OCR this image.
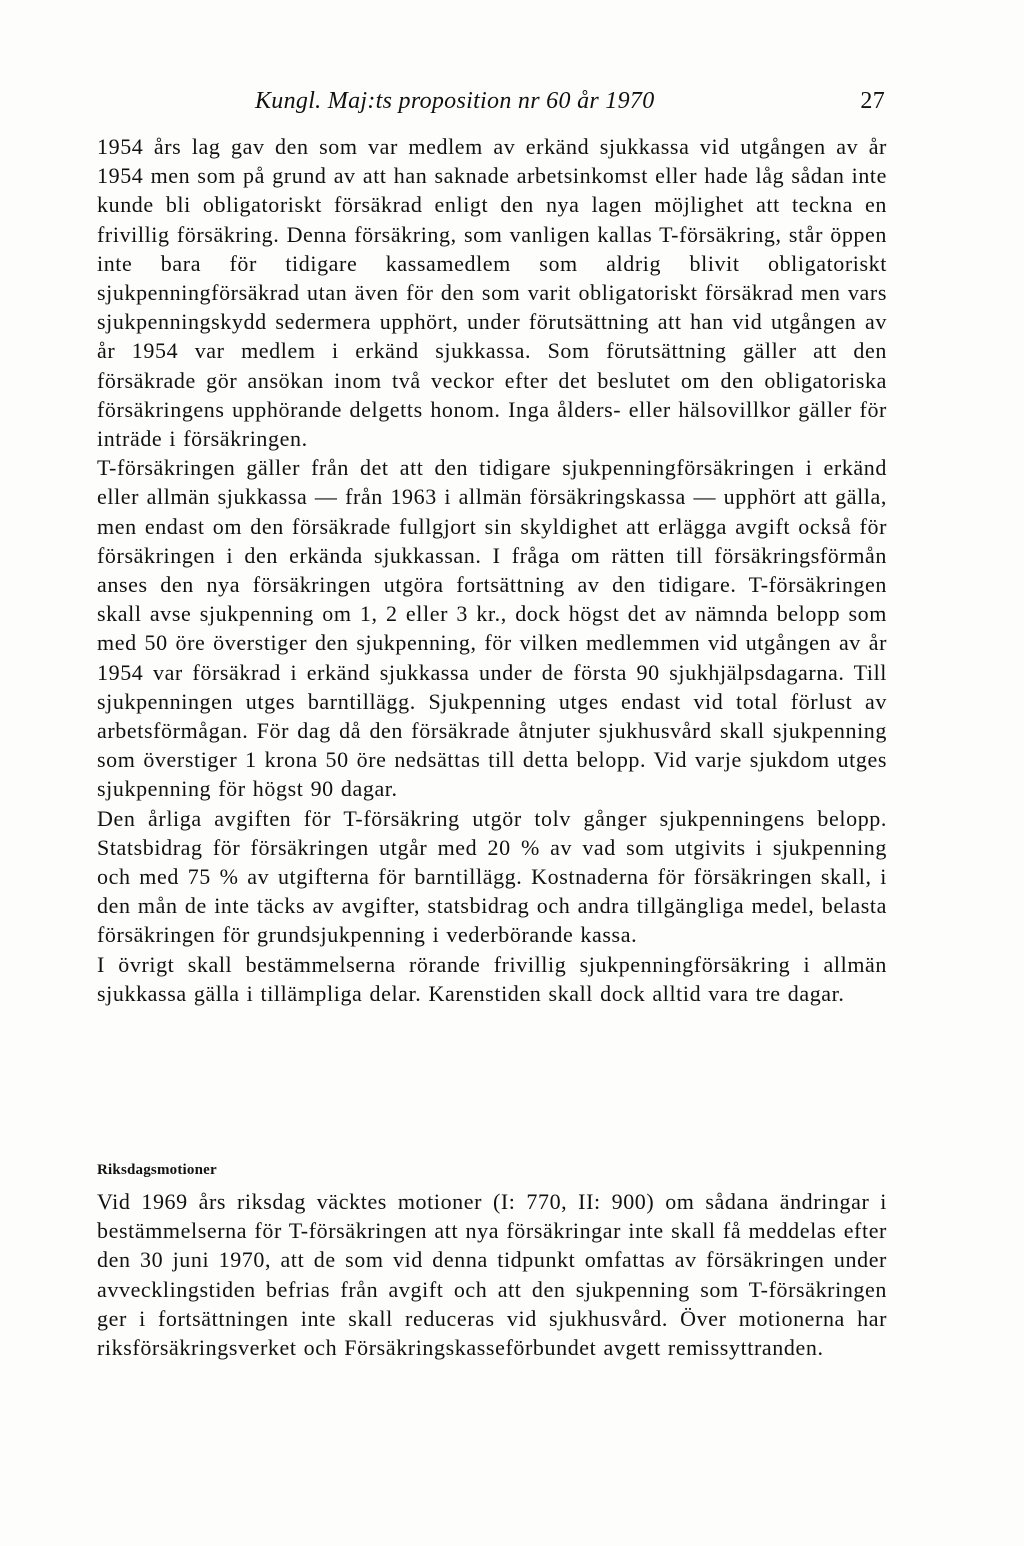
Kungl. Maj:ts proposition nr 60 år 1970	27

1954 års lag gav den som var medlem av erkänd sjukkassa vid utgången av år 1954 men som på grund av att han saknade arbetsinkomst eller hade låg sådan inte kunde bli obligatoriskt försäkrad enligt den nya lagen möjlighet att teckna en frivillig försäkring. Denna försäkring, som vanligen kallas T-försäkring, står öppen inte bara för tidigare kassamedlem som aldrig blivit obligatoriskt sjukpenningförsäkrad utan även för den som varit obligatoriskt försäkrad men vars sjukpenningskydd sedermera upphört, under förutsättning att han vid utgången av år 1954 var medlem i erkänd sjukkassa. Som förutsättning gäller att den försäkrade gör ansökan inom två veckor efter det beslutet om den obligatoriska försäkringens upphörande delgetts honom. Inga ålders- eller hälsovillkor gäller för inträde i försäkringen.

T-försäkringen gäller från det att den tidigare sjukpenningförsäkringen i erkänd eller allmän sjukkassa — från 1963 i allmän försäkringskassa — upphört att gälla, men endast om den försäkrade fullgjort sin skyldighet att erlägga avgift också för försäkringen i den erkända sjukkassan. I fråga om rätten till försäkringsförmån anses den nya försäkringen utgöra fortsättning av den tidigare. T-försäkringen skall avse sjukpenning om 1, 2 eller 3 kr., dock högst det av nämnda belopp som med 50 öre överstiger den sjukpenning, för vilken medlemmen vid utgången av år 1954 var försäkrad i erkänd sjukkassa under de första 90 sjukhjälpsdagarna. Till sjukpenningen utges barntillägg. Sjukpenning utges endast vid total förlust av arbetsförmågan. För dag då den försäkrade åtnjuter sjukhusvård skall sjukpenning som överstiger 1 krona 50 öre nedsättas till detta belopp. Vid varje sjukdom utges sjukpenning för högst 90 dagar.

Den årliga avgiften för T-försäkring utgör tolv gånger sjukpenningens belopp. Statsbidrag för försäkringen utgår med 20 % av vad som utgivits i sjukpenning och med 75 % av utgifterna för barntillägg. Kostnaderna för försäkringen skall, i den mån de inte täcks av avgifter, statsbidrag och andra tillgängliga medel, belasta försäkringen för grundsjukpenning i vederbörande kassa.

I övrigt skall bestämmelserna rörande frivillig sjukpenningförsäkring i allmän sjukkassa gälla i tillämpliga delar. Karenstiden skall dock alltid vara tre dagar.

Riksdagsmotioner

Vid 1969 års riksdag väcktes motioner (I: 770, II: 900) om sådana ändringar i bestämmelserna för T-försäkringen att nya försäkringar inte skall få meddelas efter den 30 juni 1970, att de som vid denna tidpunkt omfattas av försäkringen under avvecklingstiden befrias från avgift och att den sjukpenning som T-försäkringen ger i fortsättningen inte skall reduceras vid sjukhusvård. Över motionerna har riksförsäkringsverket och Försäkringskasseförbundet avgett remissyttranden.
